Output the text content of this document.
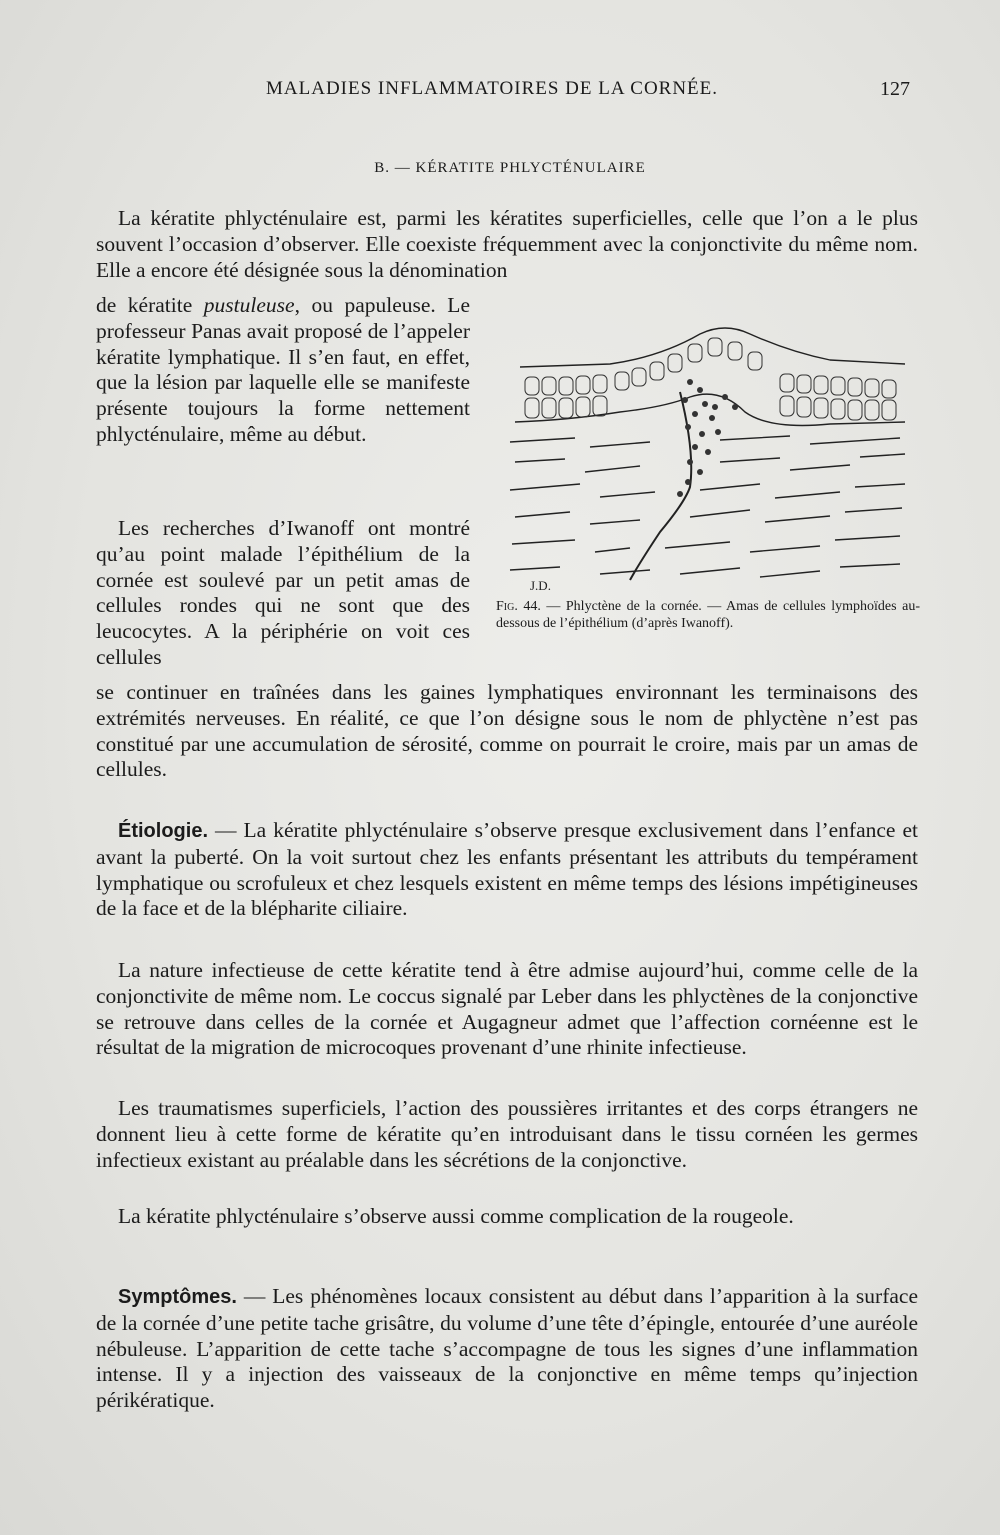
MALADIES INFLAMMATOIRES DE LA CORNÉE.	127
B. — KÉRATITE PHLYCTÉNULAIRE

La kératite phlycténulaire est, parmi les kératites superficielles, celle que l’on a le plus souvent l’occasion d’observer. Elle coexiste fréquemment avec la conjonctivite du même nom. Elle a encore été désignée sous la dénomination

de kératite pustuleuse, ou papuleuse. Le professeur Panas avait proposé de l’appeler kératite lymphatique. Il s’en faut, en effet, que la lésion par laquelle elle se manifeste présente toujours la forme nettement phlycténulaire, même au début.

Les recherches d’Iwanoff ont montré qu’au point malade l’épithélium de la cornée est soulevé par un petit amas de cellules rondes qui ne sont que des leucocytes. A la périphérie on voit ces cellules

se continuer en traînées dans les gaines lymphatiques environnant les terminaisons des extrémités nerveuses. En réalité, ce que l’on désigne sous le nom de phlyctène n’est pas constitué par une accumulation de sérosité, comme on pourrait le croire, mais par un amas de cellules.

J.D.
Fig. 44. — Phlyctène de la cornée. — Amas de cellules lymphoïdes au-dessous de l’épithélium (d’après Iwanoff).

Étiologie. — La kératite phlycténulaire s’observe presque exclusivement dans l’enfance et avant la puberté. On la voit surtout chez les enfants présentant les attributs du tempérament lymphatique ou scrofuleux et chez lesquels existent en même temps des lésions impétigineuses de la face et de la blépharite ciliaire.

La nature infectieuse de cette kératite tend à être admise aujourd’hui, comme celle de la conjonctivite de même nom. Le coccus signalé par Leber dans les phlyctènes de la conjonctive se retrouve dans celles de la cornée et Augagneur admet que l’affection cornéenne est le résultat de la migration de microcoques provenant d’une rhinite infectieuse.

Les traumatismes superficiels, l’action des poussières irritantes et des corps étrangers ne donnent lieu à cette forme de kératite qu’en introduisant dans le tissu cornéen les germes infectieux existant au préalable dans les sécrétions de la conjonctive.

La kératite phlycténulaire s’observe aussi comme complication de la rougeole.

Symptômes. — Les phénomènes locaux consistent au début dans l’apparition à la surface de la cornée d’une petite tache grisâtre, du volume d’une tête d’épingle, entourée d’une auréole nébuleuse. L’apparition de cette tache s’accompagne de tous les signes d’une inflammation intense. Il y a injection des vaisseaux de la conjonctive en même temps qu’injection périkératique.
